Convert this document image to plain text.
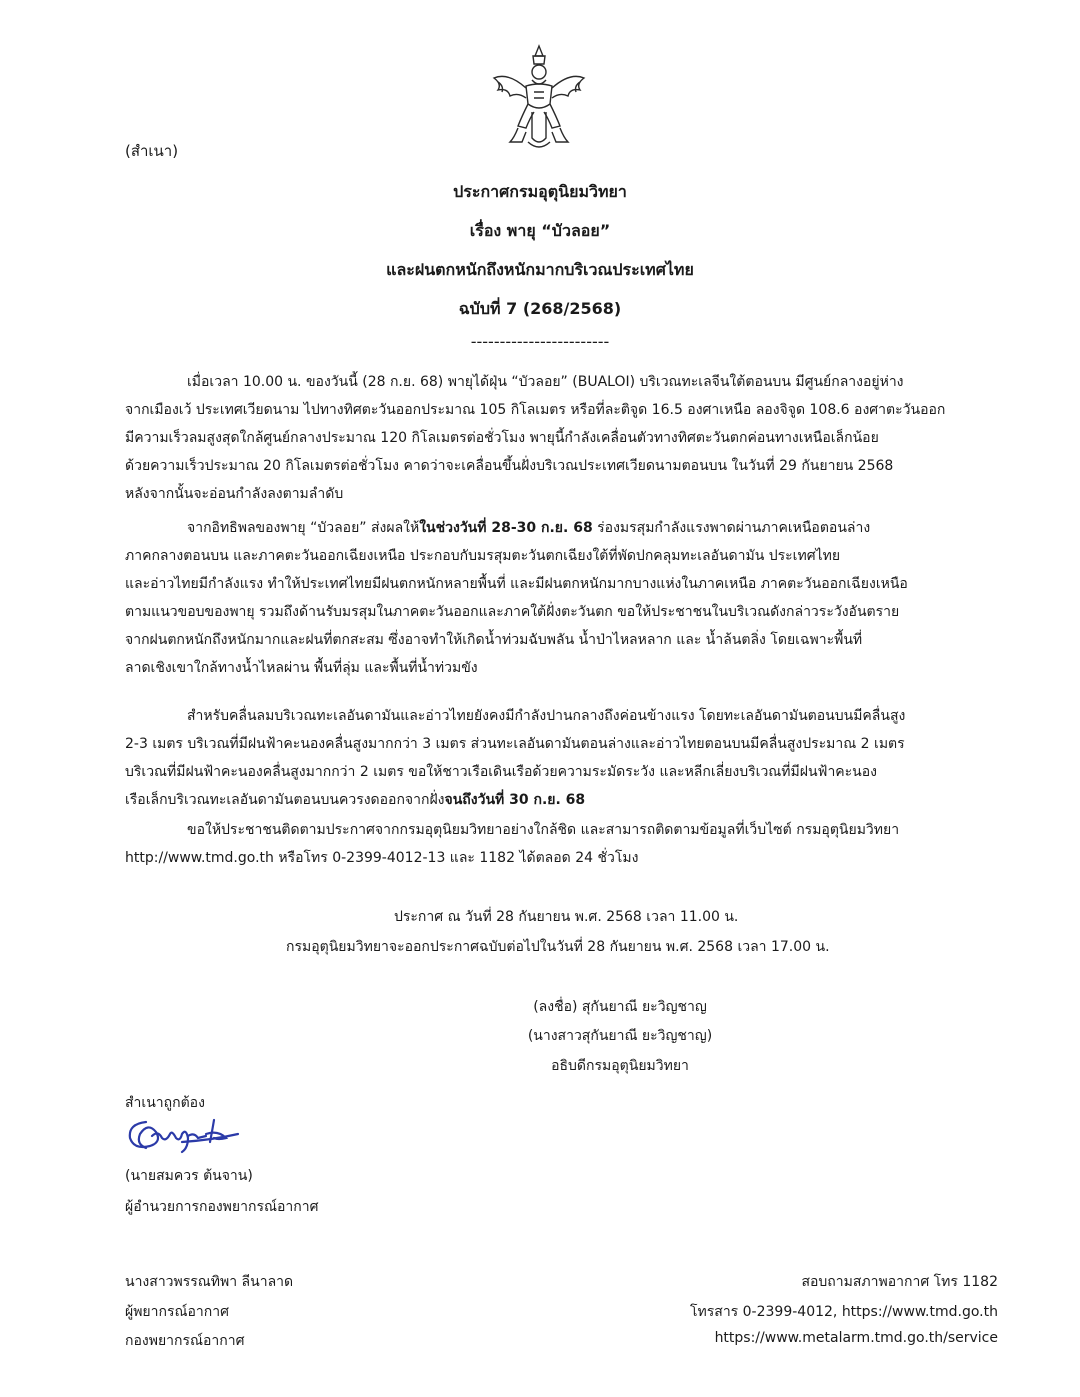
(สำเนา)
ประกาศกรมอุตุนิยมวิทยา
เรื่อง พายุ “บัวลอย”
และฝนตกหนักถึงหนักมากบริเวณประเทศไทย
ฉบับที่ 7 (268/2568)
------------------------
เมื่อเวลา 10.00 น. ของวันนี้ (28 ก.ย. 68) พายุได้ฝุ่น “บัวลอย” (BUALOI) บริเวณทะเลจีนใต้ตอนบน มีศูนย์กลางอยู่ห่าง
จากเมืองเว้ ประเทศเวียดนาม ไปทางทิศตะวันออกประมาณ 105 กิโลเมตร หรือที่ละติจูด 16.5 องศาเหนือ ลองจิจูด 108.6 องศาตะวันออก
มีความเร็วลมสูงสุดใกล้ศูนย์กลางประมาณ 120 กิโลเมตรต่อชั่วโมง พายุนี้กำลังเคลื่อนตัวทางทิศตะวันตกค่อนทางเหนือเล็กน้อย
ด้วยความเร็วประมาณ 20 กิโลเมตรต่อชั่วโมง คาดว่าจะเคลื่อนขึ้นฝั่งบริเวณประเทศเวียดนามตอนบน ในวันที่ 29 กันยายน 2568
หลังจากนั้นจะอ่อนกำลังลงตามลำดับ
จากอิทธิพลของพายุ “บัวลอย” ส่งผลให้ในช่วงวันที่ 28-30 ก.ย. 68 ร่องมรสุมกำลังแรงพาดผ่านภาคเหนือตอนล่าง
ภาคกลางตอนบน และภาคตะวันออกเฉียงเหนือ ประกอบกับมรสุมตะวันตกเฉียงใต้ที่พัดปกคลุมทะเลอันดามัน ประเทศไทย
และอ่าวไทยมีกำลังแรง ทำให้ประเทศไทยมีฝนตกหนักหลายพื้นที่ และมีฝนตกหนักมากบางแห่งในภาคเหนือ ภาคตะวันออกเฉียงเหนือ
ตามแนวขอบของพายุ รวมถึงด้านรับมรสุมในภาคตะวันออกและภาคใต้ฝั่งตะวันตก ขอให้ประชาชนในบริเวณดังกล่าวระวังอันตราย
จากฝนตกหนักถึงหนักมากและฝนที่ตกสะสม ซึ่งอาจทำให้เกิดน้ำท่วมฉับพลัน น้ำป่าไหลหลาก และ น้ำล้นตลิ่ง โดยเฉพาะพื้นที่
ลาดเชิงเขาใกล้ทางน้ำไหลผ่าน พื้นที่ลุ่ม และพื้นที่น้ำท่วมขัง
สำหรับคลื่นลมบริเวณทะเลอันดามันและอ่าวไทยยังคงมีกำลังปานกลางถึงค่อนข้างแรง โดยทะเลอันดามันตอนบนมีคลื่นสูง
2-3 เมตร บริเวณที่มีฝนฟ้าคะนองคลื่นสูงมากกว่า 3 เมตร ส่วนทะเลอันดามันตอนล่างและอ่าวไทยตอนบนมีคลื่นสูงประมาณ 2 เมตร
บริเวณที่มีฝนฟ้าคะนองคลื่นสูงมากกว่า 2 เมตร ขอให้ชาวเรือเดินเรือด้วยความระมัดระวัง และหลีกเลี่ยงบริเวณที่มีฝนฟ้าคะนอง
เรือเล็กบริเวณทะเลอันดามันตอนบนควรงดออกจากฝั่งจนถึงวันที่ 30 ก.ย. 68
ขอให้ประชาชนติดตามประกาศจากกรมอุตุนิยมวิทยาอย่างใกล้ชิด และสามารถติดตามข้อมูลที่เว็บไซต์ กรมอุตุนิยมวิทยา
http://www.tmd.go.th หรือโทร 0-2399-4012-13 และ 1182 ได้ตลอด 24 ชั่วโมง
ประกาศ ณ วันที่ 28 กันยายน พ.ศ. 2568 เวลา 11.00 น.
กรมอุตุนิยมวิทยาจะออกประกาศฉบับต่อไปในวันที่ 28 กันยายน พ.ศ. 2568 เวลา 17.00 น.
(ลงชื่อ) สุกันยาณี ยะวิญชาญ
(นางสาวสุกันยาณี ยะวิญชาญ)
อธิบดีกรมอุตุนิยมวิทยา
สำเนาถูกต้อง
(นายสมควร ต้นจาน)
ผู้อำนวยการกองพยากรณ์อากาศ
นางสาวพรรณทิพา ลีนาลาด
ผู้พยากรณ์อากาศ
กองพยากรณ์อากาศ
สอบถามสภาพอากาศ โทร 1182
โทรสาร 0-2399-4012, https://www.tmd.go.th
https://www.metalarm.tmd.go.th/service
